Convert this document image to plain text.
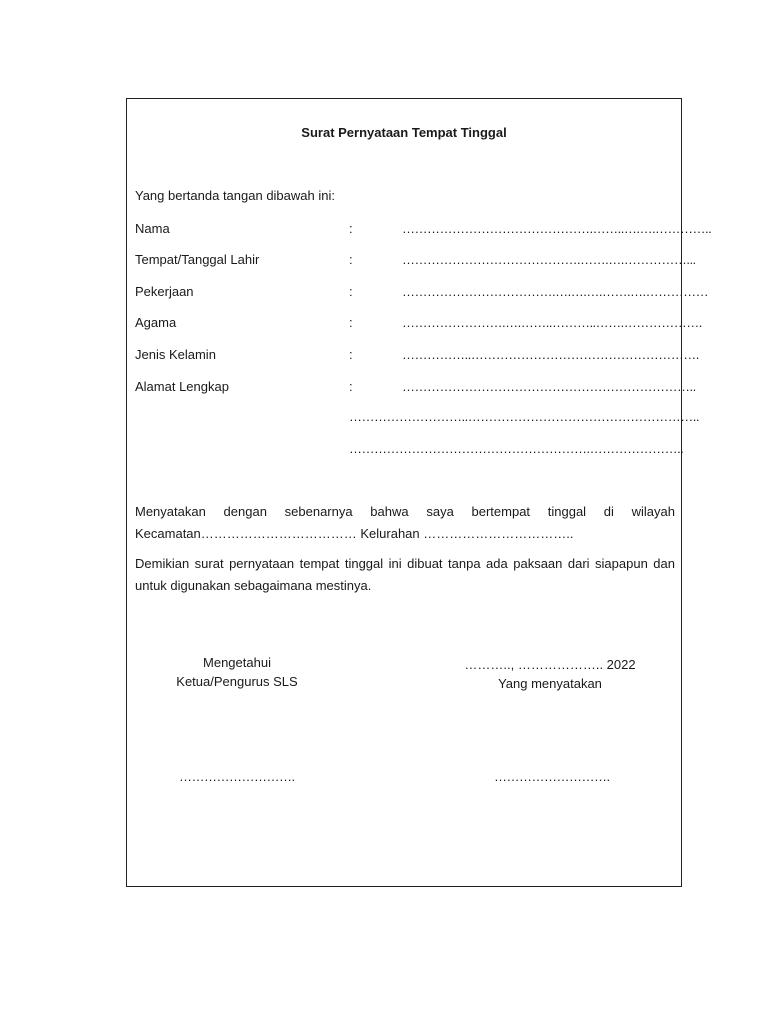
Surat Pernyataan Tempat Tinggal
Yang bertanda tangan dibawah ini:
Nama	:	……………………………………….……..….….…………..
Tempat/Tanggal Lahir	:	…………………………………….…….….……………...
Pekerjaan	:	……………………………….….….….…….….……………
Agama	:	…………………….….……..………..…….……………….
Jenis Kelamin	:	……………..……………………………………………….
Alamat Lengkap	:	……………………………………………………………..
………………………..………………………………………………..
………………………………………………….…………………..
Menyatakan dengan sebenarnya bahwa saya bertempat tinggal di wilayah
Kecamatan……………………………… Kelurahan ……………………………..
Demikian surat pernyataan tempat tinggal ini dibuat tanpa ada paksaan dari siapapun dan untuk digunakan sebagaimana mestinya.
Mengetahui
Ketua/Pengurus SLS
……………………….
……….., ……………….. 2022
Yang menyatakan
……………………….
